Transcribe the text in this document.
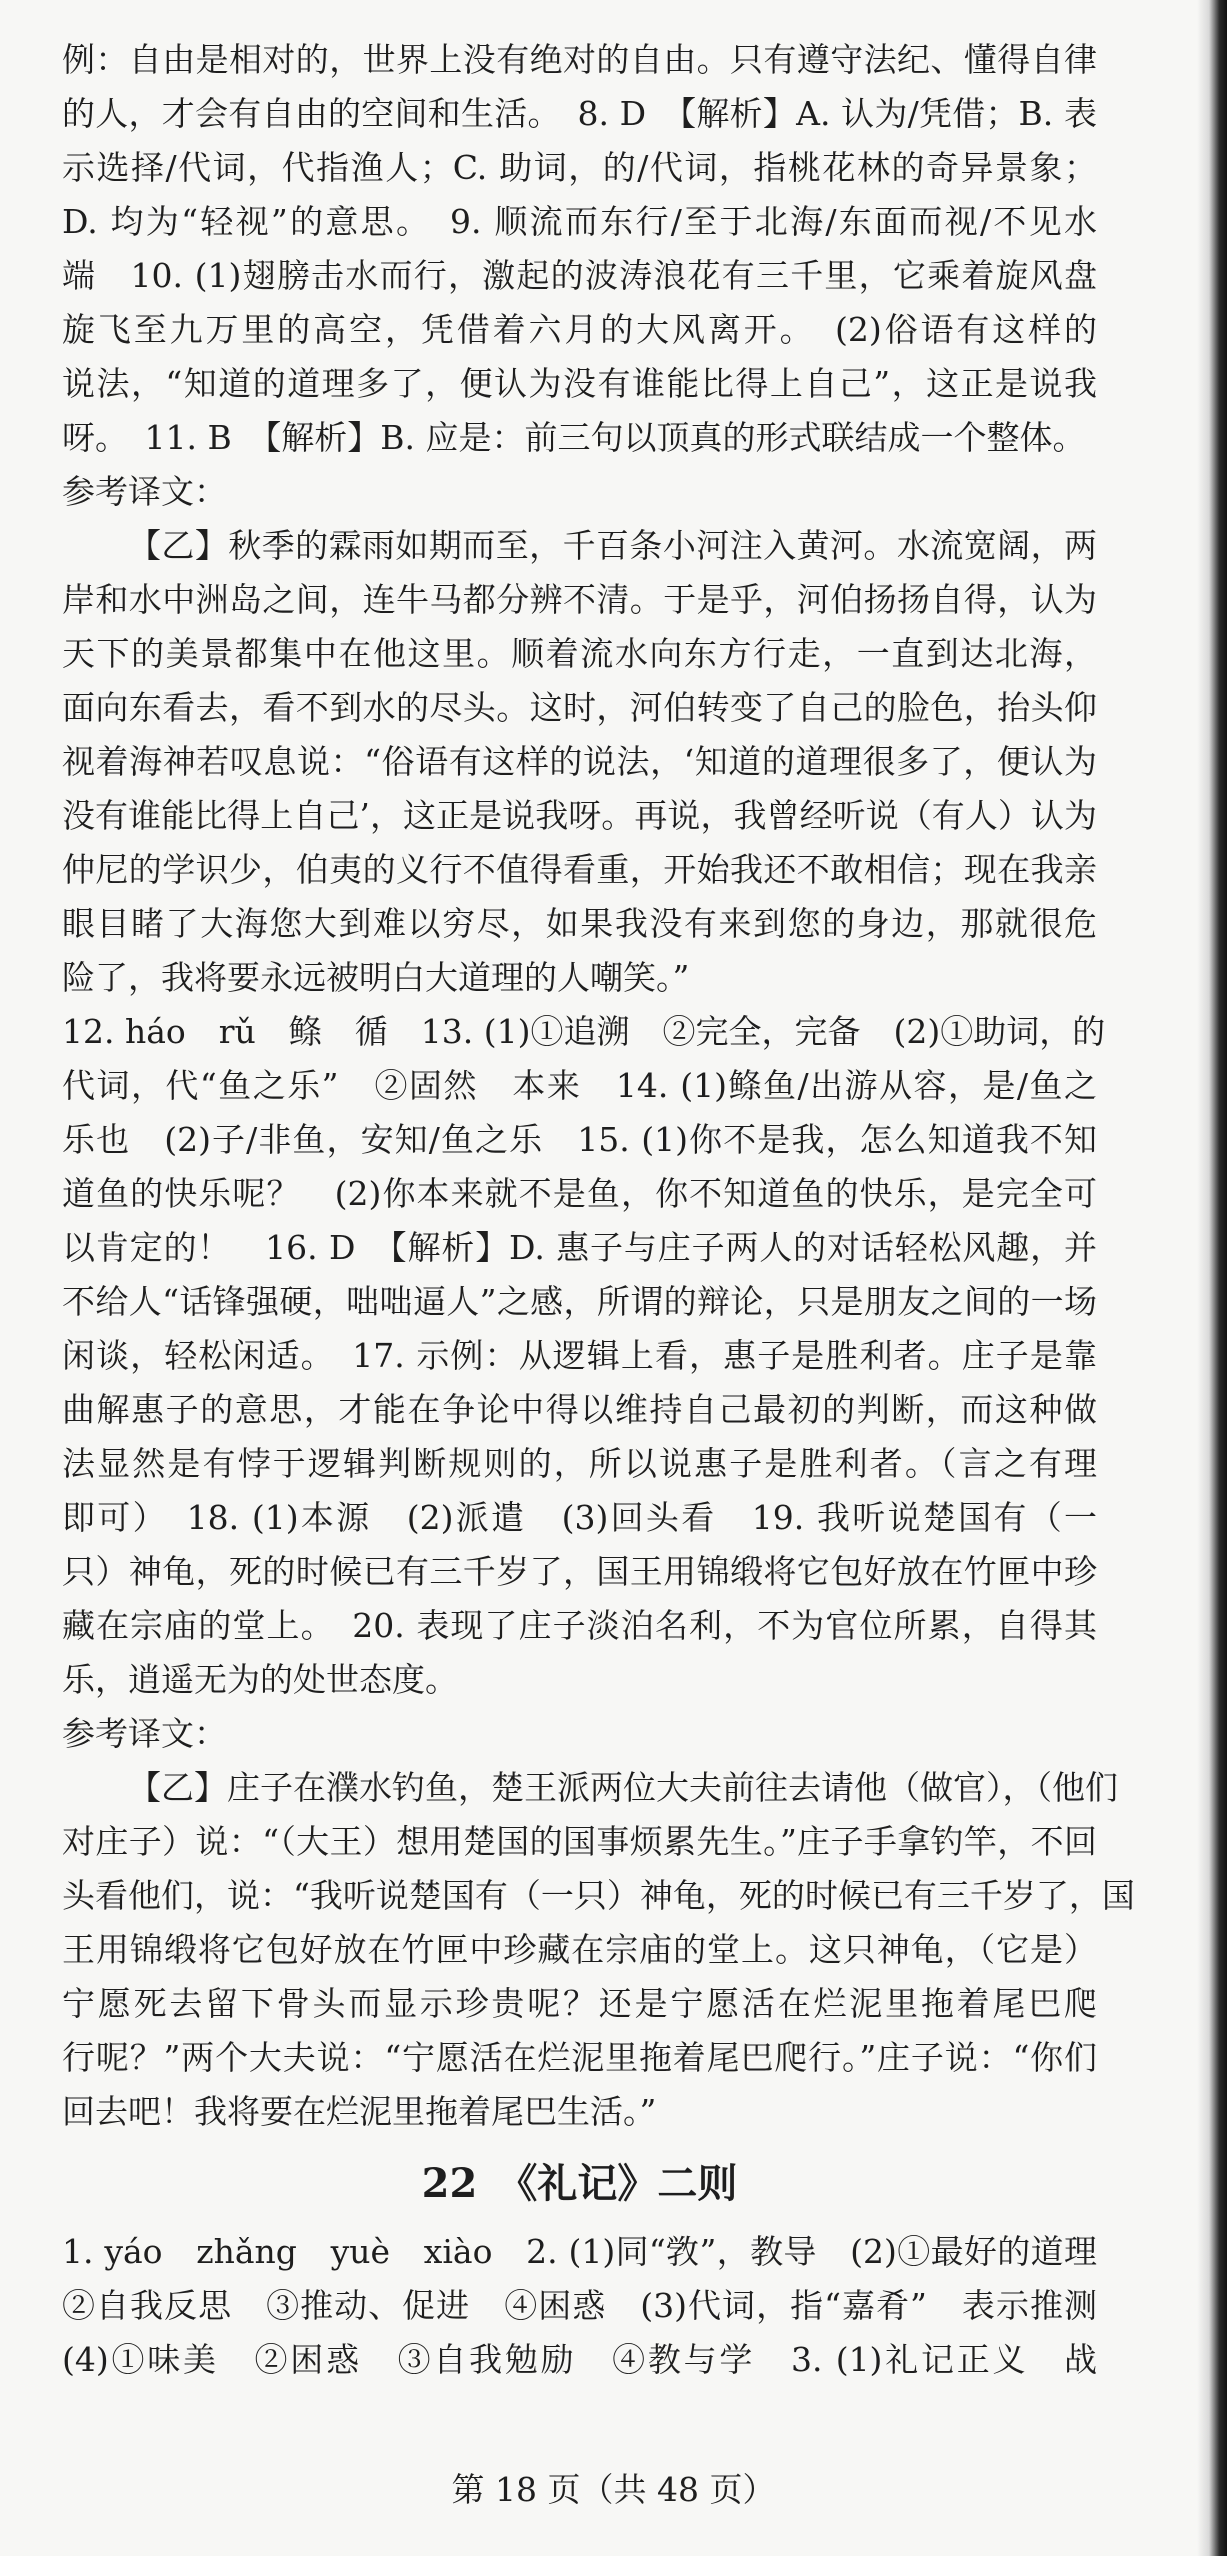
例：自由是相对的，世界上没有绝对的自由。只有遵守法纪、懂得自律
的人，才会有自由的空间和生活。　8. D　【解析】A. 认为/凭借；B. 表
示选择/代词，代指渔人；C. 助词，的/代词，指桃花林的奇异景象；
D. 均为“轻视”的意思。　9. 顺流而东行/至于北海/东面而视/不见水
端　10. (1)翅膀击水而行，激起的波涛浪花有三千里，它乘着旋风盘
旋飞至九万里的高空，凭借着六月的大风离开。　(2)俗语有这样的
说法，“知道的道理多了，便认为没有谁能比得上自己”，这正是说我
呀。　11. B　【解析】B. 应是：前三句以顶真的形式联结成一个整体。
参考译文：
【乙】秋季的霖雨如期而至，千百条小河注入黄河。水流宽阔，两
岸和水中洲岛之间，连牛马都分辨不清。于是乎，河伯扬扬自得，认为
天下的美景都集中在他这里。顺着流水向东方行走，一直到达北海，
面向东看去，看不到水的尽头。这时，河伯转变了自己的脸色，抬头仰
视着海神若叹息说：“俗语有这样的说法，‘知道的道理很多了，便认为
没有谁能比得上自己’，这正是说我呀。再说，我曾经听说（有人）认为
仲尼的学识少，伯夷的义行不值得看重，开始我还不敢相信；现在我亲
眼目睹了大海您大到难以穷尽，如果我没有来到您的身边，那就很危
险了，我将要永远被明白大道理的人嘲笑。”
12. háo　rǔ　鲦　循　13. (1)①追溯　②完全，完备　(2)①助词，的
代词，代“鱼之乐”　②固然　本来　14. (1)鲦鱼/出游从容，是/鱼之
乐也　(2)子/非鱼，安知/鱼之乐　15. (1)你不是我，怎么知道我不知
道鱼的快乐呢？　(2)你本来就不是鱼，你不知道鱼的快乐，是完全可
以肯定的！　16. D　【解析】D. 惠子与庄子两人的对话轻松风趣，并
不给人“话锋强硬，咄咄逼人”之感，所谓的辩论，只是朋友之间的一场
闲谈，轻松闲适。　17. 示例：从逻辑上看，惠子是胜利者。庄子是靠
曲解惠子的意思，才能在争论中得以维持自己最初的判断，而这种做
法显然是有悖于逻辑判断规则的，所以说惠子是胜利者。（言之有理
即可）　18. (1)本源　(2)派遣　(3)回头看　19. 我听说楚国有（一
只）神龟，死的时候已有三千岁了，国王用锦缎将它包好放在竹匣中珍
藏在宗庙的堂上。　20. 表现了庄子淡泊名利，不为官位所累，自得其
乐，逍遥无为的处世态度。
参考译文：
【乙】庄子在濮水钓鱼，楚王派两位大夫前往去请他（做官），（他们
对庄子）说：“（大王）想用楚国的国事烦累先生。”庄子手拿钓竿，不回
头看他们，说：“我听说楚国有（一只）神龟，死的时候已有三千岁了，国
王用锦缎将它包好放在竹匣中珍藏在宗庙的堂上。这只神龟，（它是）
宁愿死去留下骨头而显示珍贵呢？还是宁愿活在烂泥里拖着尾巴爬
行呢？”两个大夫说：“宁愿活在烂泥里拖着尾巴爬行。”庄子说：“你们
回去吧！我将要在烂泥里拖着尾巴生活。”
22　《礼记》二则
1. yáo　zhǎng　yuè　xiào　2. (1)同“敩”，教导　(2)①最好的道理
②自我反思　③推动、促进　④困惑　(3)代词，指“嘉肴”　表示推测
(4)①味美　②困惑　③自我勉励　④教与学　3. (1)礼记正义　战
第 18 页（共 48 页）
